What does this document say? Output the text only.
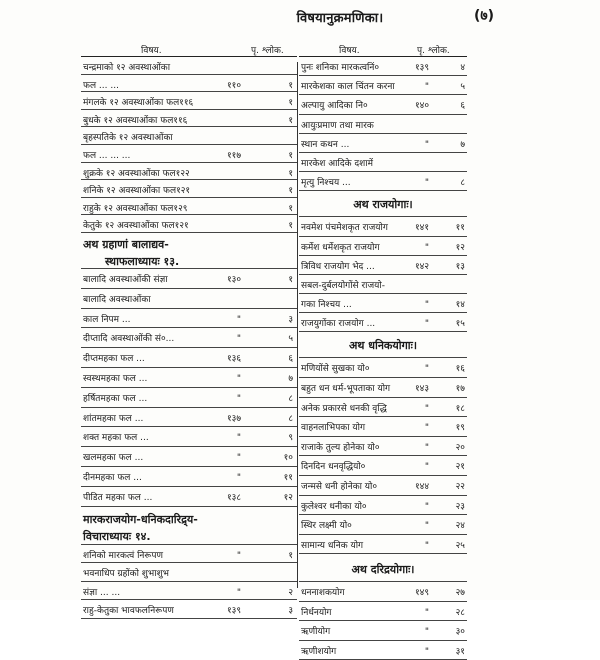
विषयानुक्रमणिका।	(७)
विषय.	पृ. श्लोक.
चन्द्रमाको १२ अवस्थाओंका
फल ... ...	११०	१
मंगलके १२ अवस्थाओंका फल११६	१
बुधके १२ अवस्थाओंका फल११६	१
बृहस्पतिके १२ अवस्थाओंका
फल ... ... ...	११७	१
शुक्रके १२ अवस्थाओंका फल१२२	१
शनिके १२ अवस्थाओंका फल१२१	१
राहुके १२ अवस्थाओंका फल१२९	१
केतुके १२ अवस्थाओंका फल१२१	१
अथ ग्रहाणां बालाद्यव-
स्थाफलाध्यायः १३.
बालादि अवस्थाओंकी संज्ञा	१३०	१
बालादि अवस्थाओंका
काल निपम ...	"	३
दीप्तादि अवस्थाओंकी सं०...	"	५
दीप्तमहका फल ...	१३६	६
स्वस्थमहका फल ...	"	७
हर्षितमहका फल ...	"	८
शांतमहका फल ...	१३७	८
शक्त महका फल ...	"	९
खलमहका फल ...	"	१०
दीनमहका फल ...	"	११
पीडित महका फल ...	१३८	१२
मारकराजयोग-धनिकदारिद्र्य-
विचाराध्यायः १४.
शनिको मारकत्वं निरूपण	"	१
भवनाधिप ग्रहोंको शुभाशुभ
संज्ञा ... ...	"	२
राहु-केतुका भावफलनिरूपण	१३९	३
विषय.	पृ. श्लोक.
पुनः शनिका मारकत्वनिं०	१३९	४
मारकेशका काल चिंतन करना	"	५
अल्पायु आदिका नि०	१४०	६
आयुःप्रमाण तथा मारक
स्थान कथन ...	"	७
मारकेश आदिके दशामें
मृत्यु निश्चय ...	"	८
अथ राजयोगाः।
नवमेश पंचमेशकृत राजयोग	१४१	११
कर्मेश धर्मेशकृत राजयोग	"	१२
त्रिविध राजयोग भेद ...	१४२	१३
सबल-दुर्बलयोगोंसे राजयो-
गका निश्चय ...	"	१४
राजयुगोंका राजयोग ...	"	१५
अथ धनिकयोगाः।
मणियोंसे सुखका यो०	"	१६
बहुत धन धर्म-भूपताका योग	१४३	१७
अनेक प्रकारसे धनकी वृद्धि	"	१८
वाहनलाभिपका योग	"	१९
राजाके तुल्य होनेका यो०	"	२०
दिनदिन धनवृद्धियो०	"	२१
जन्मसे धनी होनेका यो०	१४४	२२
कुलेश्वर धनीका यो०	"	२३
स्थिर लक्ष्मी यो०	"	२४
सामान्य धनिक योग	"	२५
अथ दरिद्रयोगाः।
धननाशकयोग	१४९	२७
निर्धनयोग	"	२८
ऋणीयोग	"	३०
ऋणीशयोग	"	३१
